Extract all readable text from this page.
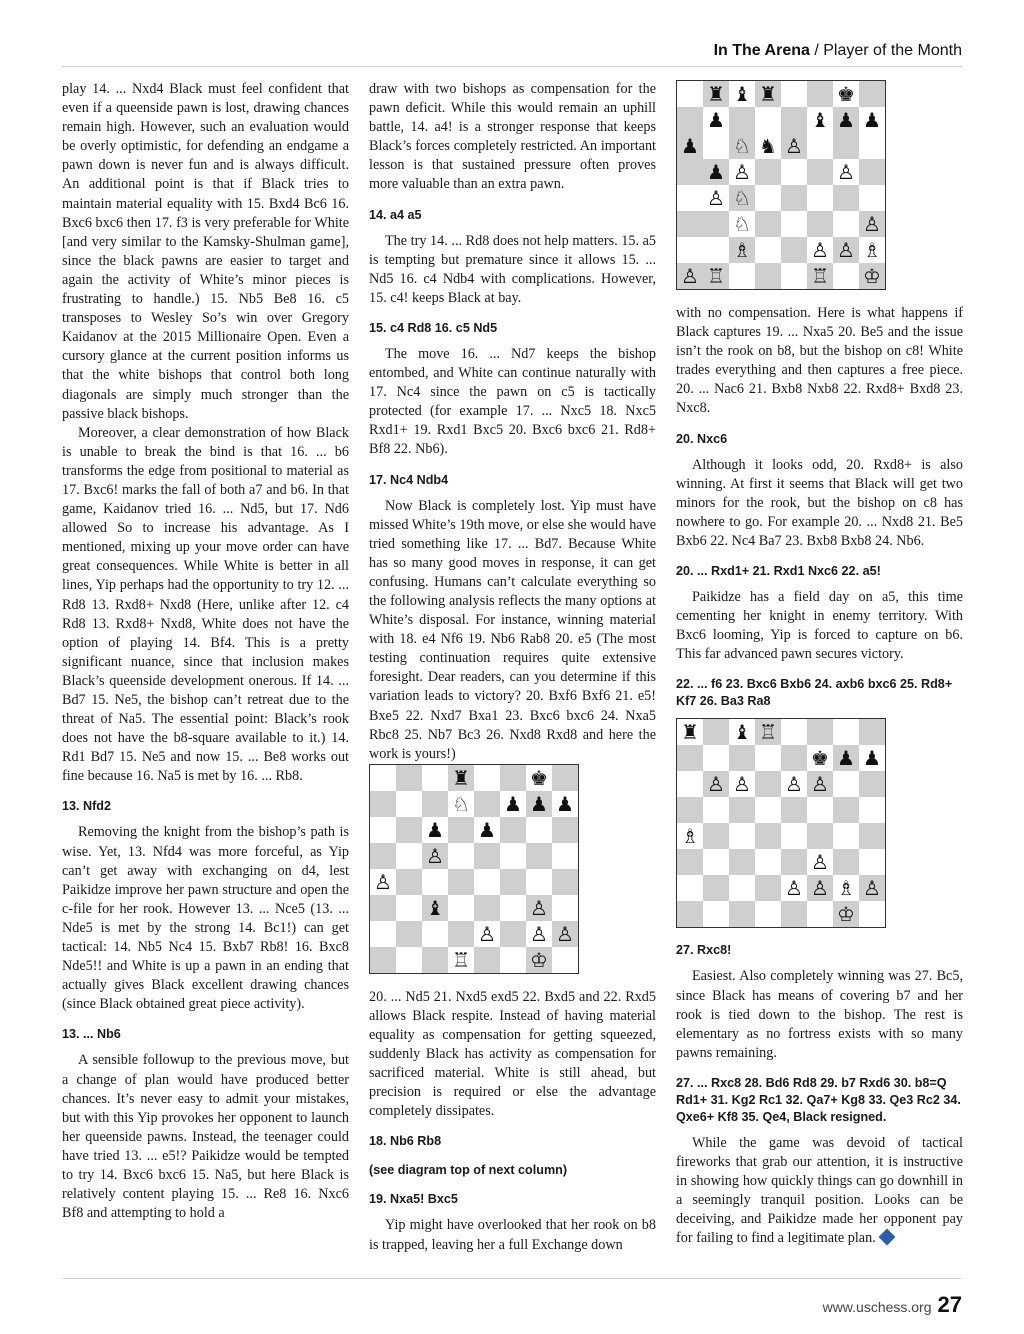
In The Arena / Player of the Month

play 14. ... Nxd4 Black must feel confident that even if a queenside pawn is lost, drawing chances remain high. However, such an evaluation would be overly optimistic, for defending an endgame a pawn down is never fun and is always difficult. An additional point is that if Black tries to maintain material equality with 15. Bxd4 Bc6 16. Bxc6 bxc6 then 17. f3 is very preferable for White [and very similar to the Kamsky-Shulman game], since the black pawns are easier to target and again the activity of White’s minor pieces is frustrating to handle.) 15. Nb5 Be8 16. c5 transposes to Wesley So’s win over Gregory Kaidanov at the 2015 Millionaire Open. Even a cursory glance at the current position informs us that the white bishops that control both long diagonals are simply much stronger than the passive black bishops.

Moreover, a clear demonstration of how Black is unable to break the bind is that 16. ... b6 transforms the edge from positional to material as 17. Bxc6! marks the fall of both a7 and b6. In that game, Kaidanov tried 16. ... Nd5, but 17. Nd6 allowed So to increase his advantage. As I mentioned, mixing up your move order can have great consequences. While White is better in all lines, Yip perhaps had the opportunity to try 12. ... Rd8 13. Rxd8+ Nxd8 (Here, unlike after 12. c4 Rd8 13. Rxd8+ Nxd8, White does not have the option of playing 14. Bf4. This is a pretty significant nuance, since that inclusion makes Black’s queenside development onerous. If 14. ... Bd7 15. Ne5, the bishop can’t retreat due to the threat of Na5. The essential point: Black’s rook does not have the b8-square available to it.) 14. Rd1 Bd7 15. Ne5 and now 15. ... Be8 works out fine because 16. Na5 is met by 16. ... Rb8.

13. Nfd2

Removing the knight from the bishop’s path is wise. Yet, 13. Nfd4 was more forceful, as Yip can’t get away with exchanging on d4, lest Paikidze improve her pawn structure and open the c-file for her rook. However 13. ... Nce5 (13. ... Nde5 is met by the strong 14. Bc1!) can get tactical: 14. Nb5 Nc4 15. Bxb7 Rb8! 16. Bxc8 Nde5!! and White is up a pawn in an ending that actually gives Black excellent drawing chances (since Black obtained great piece activity).

13. ... Nb6

A sensible followup to the previous move, but a change of plan would have produced better chances. It’s never easy to admit your mistakes, but with this Yip provokes her opponent to launch her queenside pawns. Instead, the teenager could have tried 13. ... e5!? Paikidze would be tempted to try 14. Bxc6 bxc6 15. Na5, but here Black is relatively content playing 15. ... Re8 16. Nxc6 Bf8 and attempting to hold a

draw with two bishops as compensation for the pawn deficit. While this would remain an uphill battle, 14. a4! is a stronger response that keeps Black’s forces completely restricted. An important lesson is that sustained pressure often proves more valuable than an extra pawn.

14. a4 a5

The try 14. ... Rd8 does not help matters. 15. a5 is tempting but premature since it allows 15. ... Nd5 16. c4 Ndb4 with complications. However, 15. c4! keeps Black at bay.

15. c4 Rd8 16. c5 Nd5

The move 16. ... Nd7 keeps the bishop entombed, and White can continue naturally with 17. Nc4 since the pawn on c5 is tactically protected (for example 17. ... Nxc5 18. Nxc5 Rxd1+ 19. Rxd1 Bxc5 20. Bxc6 bxc6 21. Rd8+ Bf8 22. Nb6).

17. Nc4 Ndb4

Now Black is completely lost. Yip must have missed White’s 19th move, or else she would have tried something like 17. ... Bd7. Because White has so many good moves in response, it can get confusing. Humans can’t calculate everything so the following analysis reflects the many options at White’s disposal. For instance, winning material with 18. e4 Nf6 19. Nb6 Rab8 20. e5 (The most testing continuation requires quite extensive foresight. Dear readers, can you determine if this variation leads to victory? 20. Bxf6 Bxf6 21. e5! Bxe5 22. Nxd7 Bxa1 23. Bxc6 bxc6 24. Nxa5 Rbc8 25. Nb7 Bc3 26. Nxd8 Rxd8 and here the work is yours!)

♜	♚
♘ ♟ ♟ ♟
♟ ♟
♙
♙
♝	♙
♙ ♙ ♙
♖	♔

20. ... Nd5 21. Nxd5 exd5 22. Bxd5 and 22. Rxd5 allows Black respite. Instead of having material equality as compensation for getting squeezed, suddenly Black has activity as compensation for sacrificed material. White is still ahead, but precision is required or else the advantage completely dissipates.

18. Nb6 Rb8
(see diagram top of next column)
19. Nxa5! Bxc5

Yip might have overlooked that her rook on b8 is trapped, leaving her a full Exchange down

♜ ♝ ♜	♚
♟	♝ ♟ ♟
♟ ♘ ♞ ♙
♟ ♙	♙
♙ ♘
♘	♙
♗	♙ ♙ ♗
♙ ♖	♖ ♔

with no compensation. Here is what happens if Black captures 19. ... Nxa5 20. Be5 and the issue isn’t the rook on b8, but the bishop on c8! White trades everything and then captures a free piece. 20. ... Nac6 21. Bxb8 Nxb8 22. Rxd8+ Bxd8 23. Nxc8.

20. Nxc6

Although it looks odd, 20. Rxd8+ is also winning. At first it seems that Black will get two minors for the rook, but the bishop on c8 has nowhere to go. For example 20. ... Nxd8 21. Be5 Bxb6 22. Nc4 Ba7 23. Bxb8 Bxb8 24. Nb6.

20. ... Rxd1+ 21. Rxd1 Nxc6 22. a5!

Paikidze has a field day on a5, this time cementing her knight in enemy territory. With Bxc6 looming, Yip is forced to capture on b6. This far advanced pawn secures victory.

22. ... f6 23. Bxc6 Bxb6 24. axb6 bxc6 25. Rd8+ Kf7 26. Ba3 Ra8
♜ ♝ ♖
♚ ♟ ♟
♙ ♙ ♙ ♙
♗
♙
♙ ♙ ♗ ♙
♔
27. Rxc8!

Easiest. Also completely winning was 27. Bc5, since Black has means of covering b7 and her rook is tied down to the bishop. The rest is elementary as no fortress exists with so many pawns remaining.

27. ... Rxc8 28. Bd6 Rd8 29. b7 Rxd6 30. b8=Q Rd1+ 31. Kg2 Rc1 32. Qa7+ Kg8 33. Qe3 Rc2 34. Qxe6+ Kf8 35. Qe4, Black resigned.

While the game was devoid of tactical fireworks that grab our attention, it is instructive in showing how quickly things can go downhill in a seemingly tranquil position. Looks can be deceiving, and Paikidze made her opponent pay for failing to find a legitimate plan.

www.uschess.org 27
